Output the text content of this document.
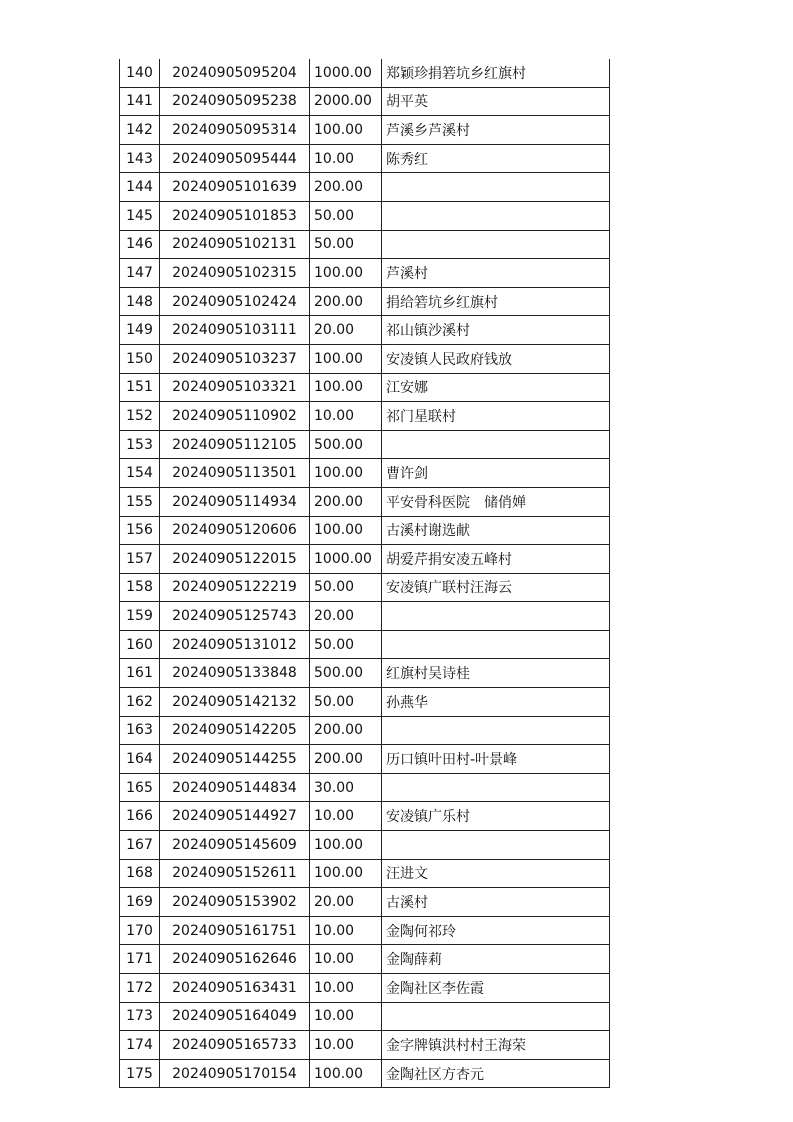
140	20240905095204	1000.00	郑颖珍捐箬坑乡红旗村
141	20240905095238	2000.00	胡平英
142	20240905095314	100.00	芦溪乡芦溪村
143	20240905095444	10.00	陈秀红
144	20240905101639	200.00	
145	20240905101853	50.00	
146	20240905102131	50.00	
147	20240905102315	100.00	芦溪村
148	20240905102424	200.00	捐给箬坑乡红旗村
149	20240905103111	20.00	祁山镇沙溪村
150	20240905103237	100.00	安凌镇人民政府钱放
151	20240905103321	100.00	江安娜
152	20240905110902	10.00	祁门星联村
153	20240905112105	500.00	
154	20240905113501	100.00	曹许剑
155	20240905114934	200.00	平安骨科医院　储俏婵
156	20240905120606	100.00	古溪村谢选献
157	20240905122015	1000.00	胡爱芹捐安凌五峰村
158	20240905122219	50.00	安凌镇广联村汪海云
159	20240905125743	20.00	
160	20240905131012	50.00	
161	20240905133848	500.00	红旗村吴诗桂
162	20240905142132	50.00	孙燕华
163	20240905142205	200.00	
164	20240905144255	200.00	历口镇叶田村-叶景峰
165	20240905144834	30.00	
166	20240905144927	10.00	安凌镇广乐村
167	20240905145609	100.00	
168	20240905152611	100.00	汪进文
169	20240905153902	20.00	古溪村
170	20240905161751	10.00	金陶何祁玲
171	20240905162646	10.00	金陶薛莉
172	20240905163431	10.00	金陶社区李佐霞
173	20240905164049	10.00	
174	20240905165733	10.00	金字牌镇洪村村王海荣
175	20240905170154	100.00	金陶社区方杏元
